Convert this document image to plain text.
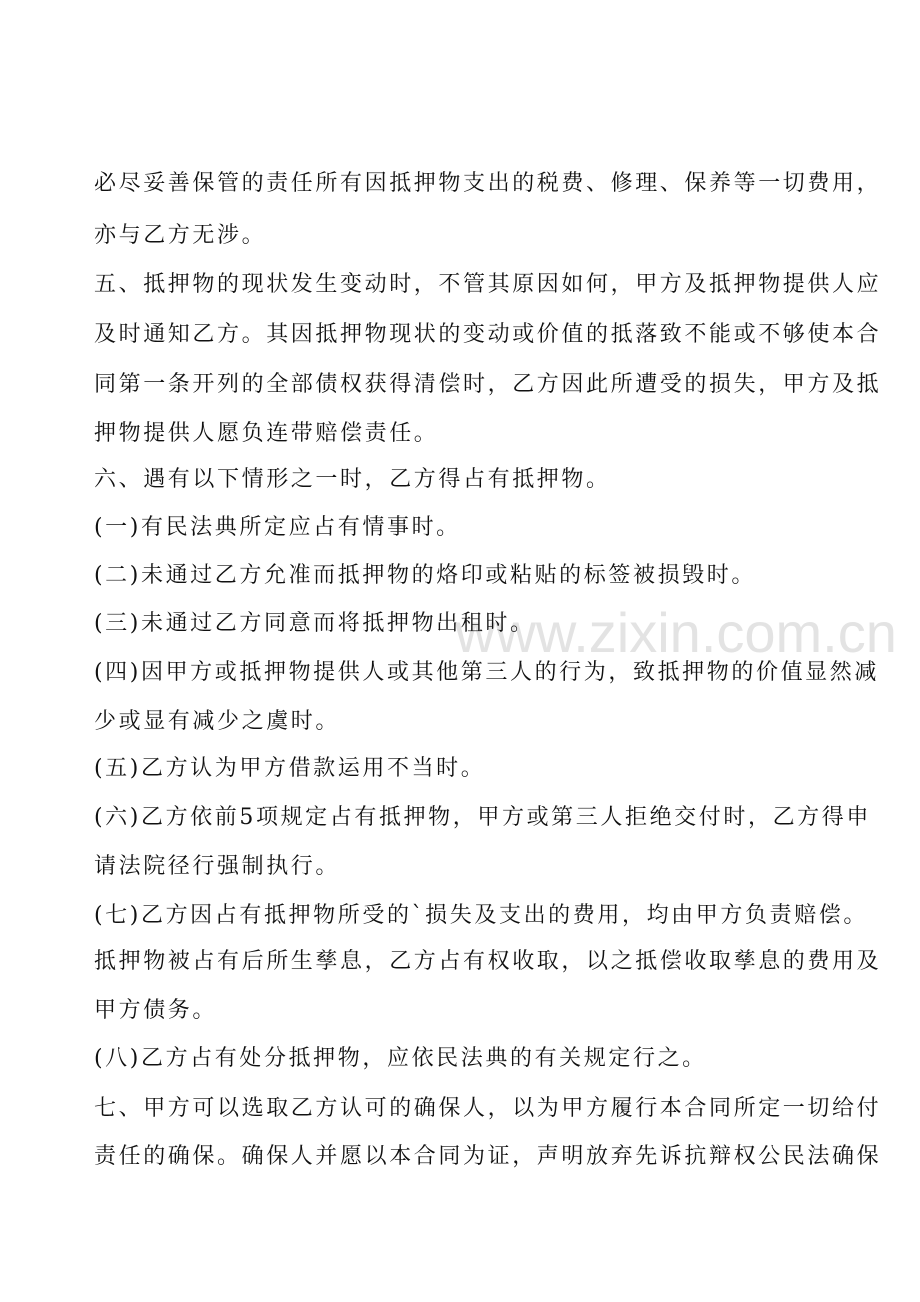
www.zixin.com.cn
必尽妥善保管的责任所有因抵押物支出的税费、修理、保养等一切费用，
亦与乙方无涉。
五、抵押物的现状发生变动时，不管其原因如何，甲方及抵押物提供人应
及时通知乙方。其因抵押物现状的变动或价值的抵落致不能或不够使本合
同第一条开列的全部债权获得清偿时，乙方因此所遭受的损失，甲方及抵
押物提供人愿负连带赔偿责任。
六、遇有以下情形之一时，乙方得占有抵押物。
(一)有民法典所定应占有情事时。
(二)未通过乙方允准而抵押物的烙印或粘贴的标签被损毁时。
(三)未通过乙方同意而将抵押物出租时。
(四)因甲方或抵押物提供人或其他第三人的行为，致抵押物的价值显然减
少或显有减少之虞时。
(五)乙方认为甲方借款运用不当时。
(六)乙方依前5项规定占有抵押物，甲方或第三人拒绝交付时，乙方得申
请法院径行强制执行。
(七)乙方因占有抵押物所受的`损失及支出的费用，均由甲方负责赔偿。
抵押物被占有后所生孳息，乙方占有权收取，以之抵偿收取孳息的费用及
甲方债务。
(八)乙方占有处分抵押物，应依民法典的有关规定行之。
七、甲方可以选取乙方认可的确保人，以为甲方履行本合同所定一切给付
责任的确保。确保人并愿以本合同为证，声明放弃先诉抗辩权公民法确保
